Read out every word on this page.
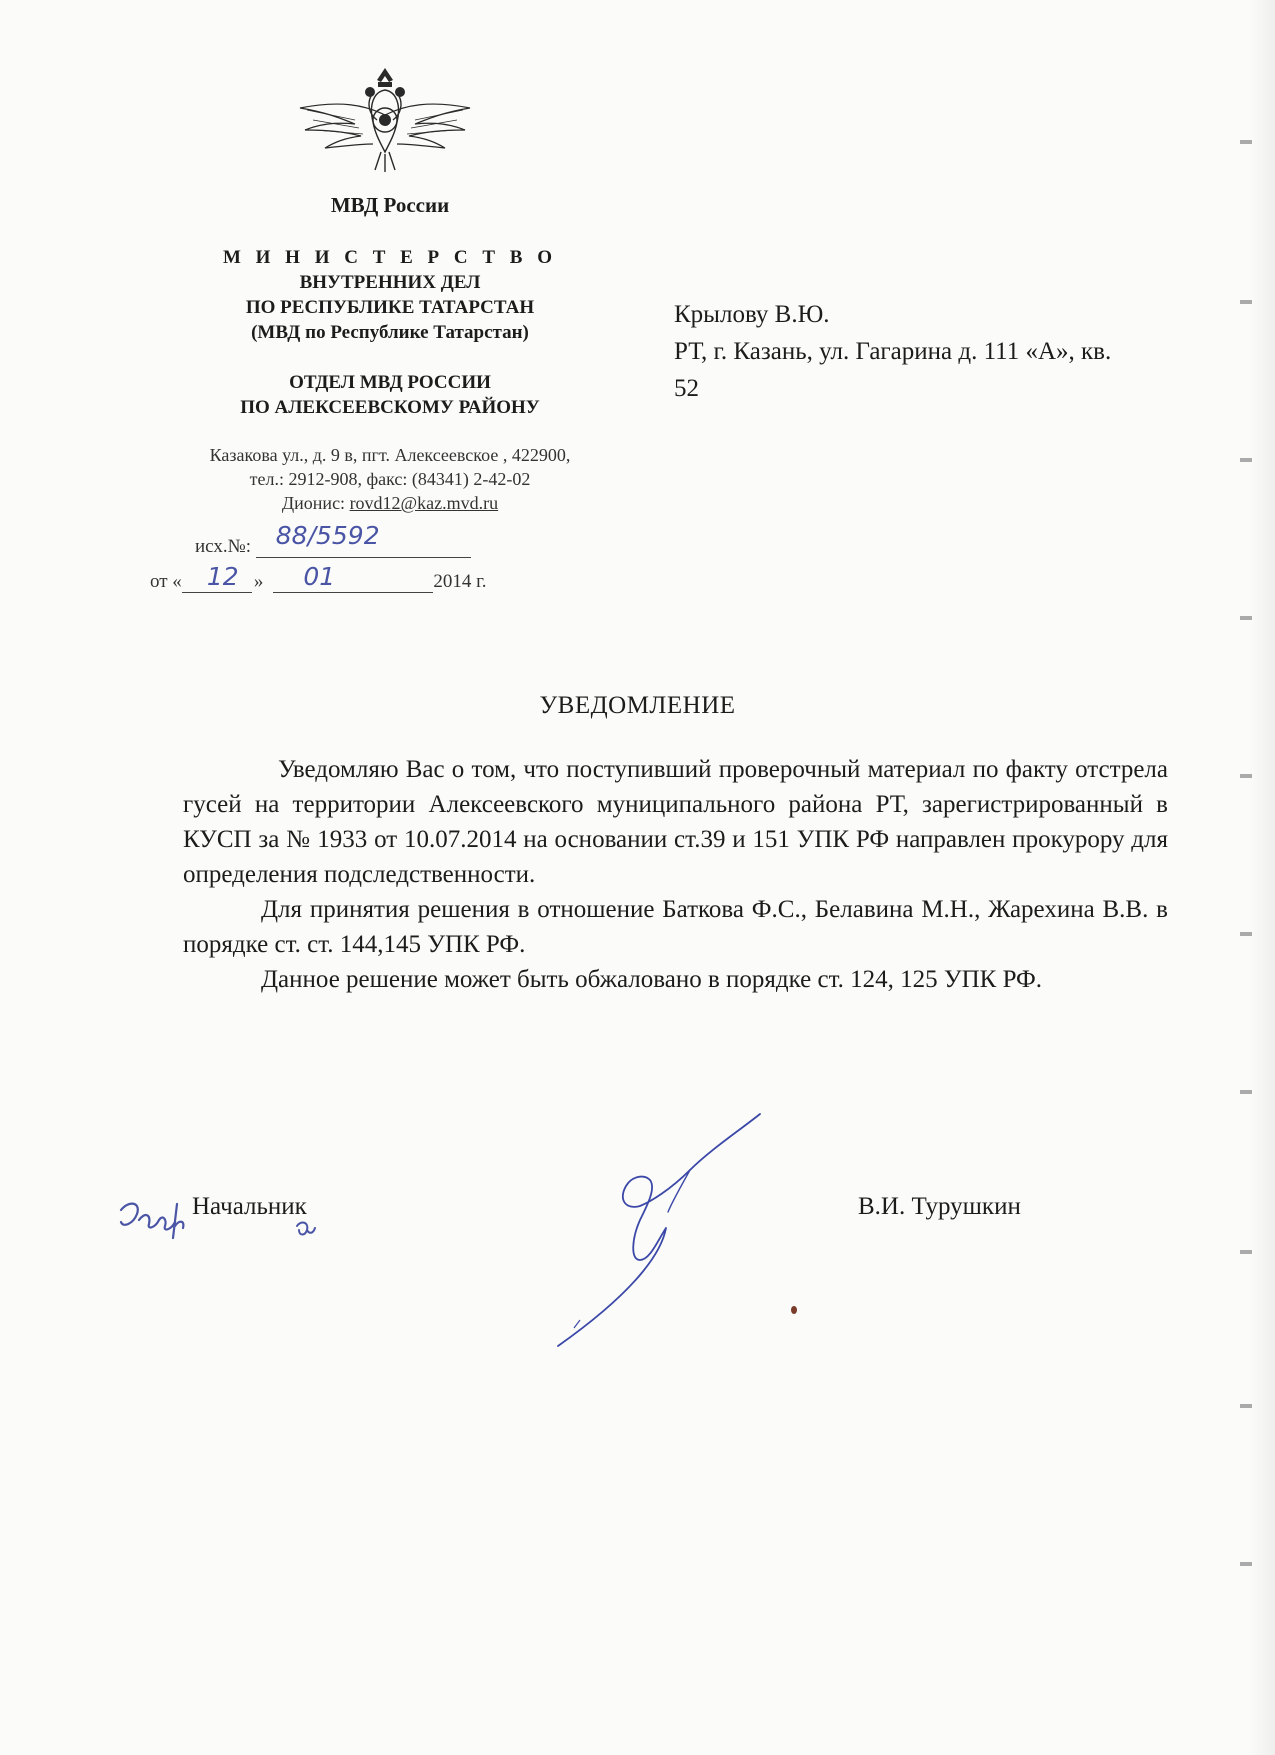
МВД России
М И Н И С Т Е Р С Т В О
ВНУТРЕННИХ ДЕЛ
ПО РЕСПУБЛИКЕ ТАТАРСТАН
(МВД по Республике Татарстан)
ОТДЕЛ МВД РОССИИ
ПО АЛЕКСЕЕВСКОМУ РАЙОНУ
Казакова ул., д. 9 в, пгт. Алексеевское , 422900,
тел.: 2912-908, факс: (84341) 2-42-02
Дионис: rovd12@kaz.mvd.ru
исх.№: 88/5592
от « 12 » 01	2014 г.
Крылову В.Ю.
РТ, г. Казань, ул. Гагарина д. 111 «А», кв.
52
УВЕДОМЛЕНИЕ

Уведомляю Вас о том, что поступивший проверочный материал по факту отстрела гусей на территории Алексеевского муниципального района РТ, зарегистрированный в КУСП за № 1933 от 10.07.2014 на основании ст.39 и 151 УПК РФ направлен прокурору для определения подследственности.

Для принятия решения в отношение Баткова Ф.С., Белавина М.Н., Жарехина В.В. в порядке ст. ст. 144,145 УПК РФ.

Данное решение может быть обжаловано в порядке ст. 124, 125 УПК РФ.

Начальник	В.И. Турушкин
